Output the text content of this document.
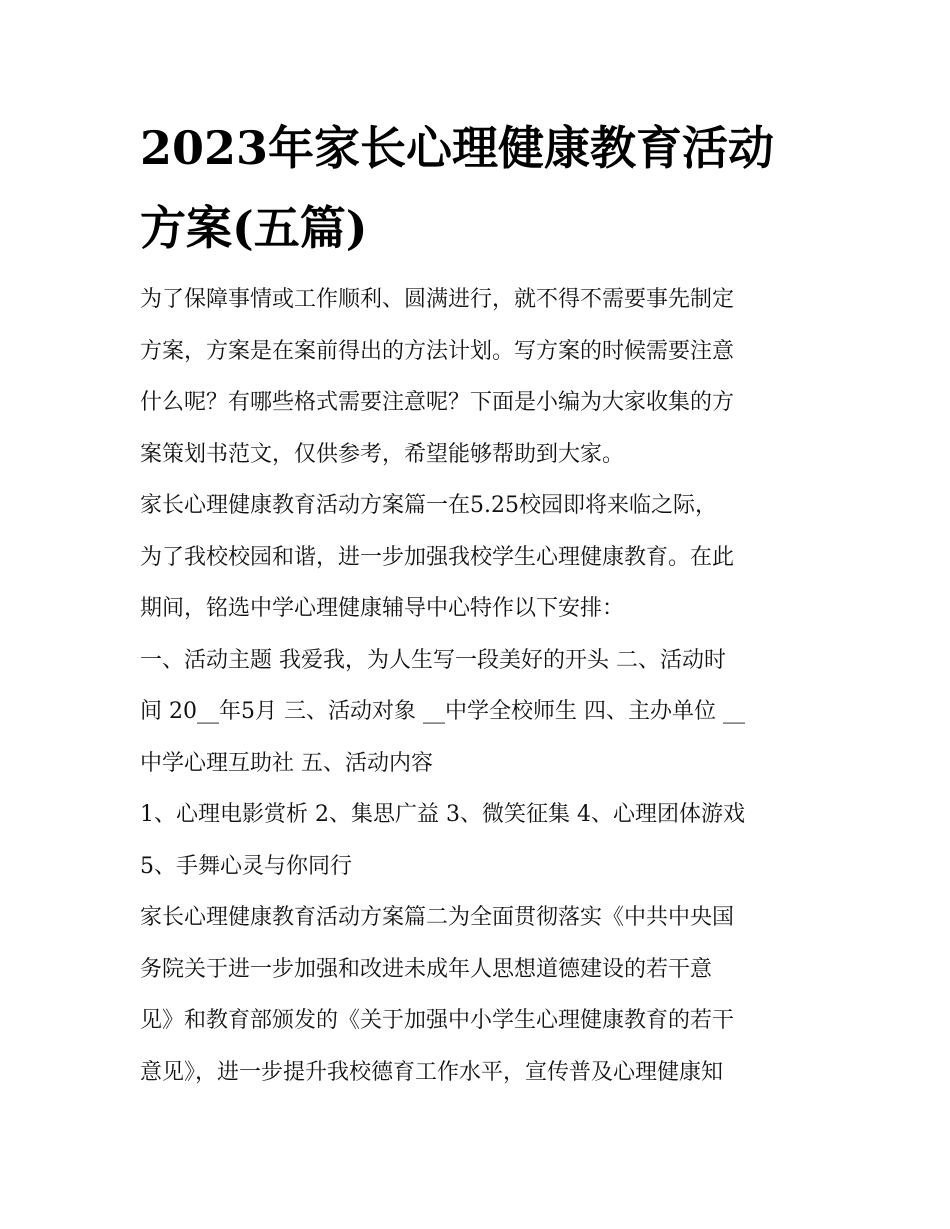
2023年家长心理健康教育活动
方案(五篇)
为了保障事情或工作顺利、圆满进行，就不得不需要事先制定
方案，方案是在案前得出的方法计划。写方案的时候需要注意
什么呢？有哪些格式需要注意呢？下面是小编为大家收集的方
案策划书范文，仅供参考，希望能够帮助到大家。
家长心理健康教育活动方案篇一在5.25校园即将来临之际，
为了我校校园和谐，进一步加强我校学生心理健康教育。在此
期间，铭选中学心理健康辅导中心特作以下安排：
一、活动主题 我爱我，为人生写一段美好的开头 二、活动时
间 20__年5月 三、活动对象 __中学全校师生 四、主办单位 __
中学心理互助社 五、活动内容
1、心理电影赏析 2、集思广益 3、微笑征集 4、心理团体游戏
5、手舞心灵与你同行
家长心理健康教育活动方案篇二为全面贯彻落实《中共中央国
务院关于进一步加强和改进未成年人思想道德建设的若干意
见》和教育部颁发的《关于加强中小学生心理健康教育的若干
意见》，进一步提升我校德育工作水平，宣传普及心理健康知
